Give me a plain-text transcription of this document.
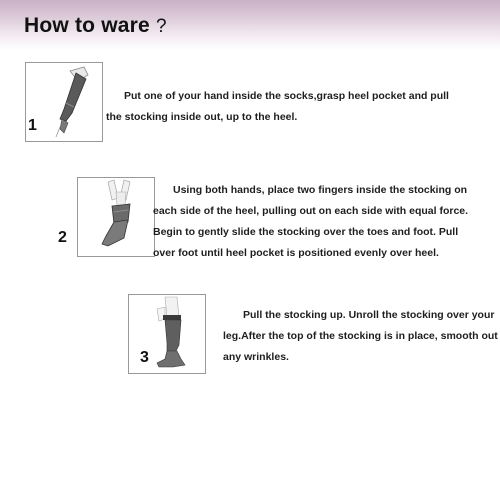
How to ware ?
1

Put one of your hand inside the socks,grasp heel pocket and pull
the stocking inside out, up to the heel.

2

Using both hands, place two fingers inside the stocking on
each side of the heel, pulling out on each side with equal force.
Begin to gently slide the stocking over the toes and foot. Pull
over foot until heel pocket is positioned evenly over heel.

3

Pull the stocking up. Unroll the stocking over your
leg.After the top of the stocking is in place, smooth out
any wrinkles.
